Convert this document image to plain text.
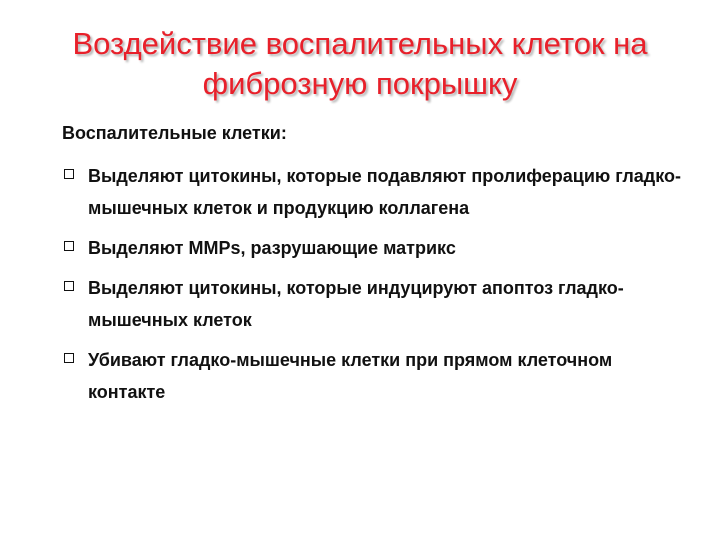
Воздействие воспалительных клеток на
фиброзную покрышку
Воспалительные клетки:
Выделяют цитокины, которые подавляют пролиферацию гладко-мышечных клеток и продукцию коллагена
Выделяют MMPs, разрушающие матрикс
Выделяют цитокины, которые индуцируют апоптоз гладко-мышечных клеток
Убивают гладко-мышечные клетки при прямом клеточном контакте
